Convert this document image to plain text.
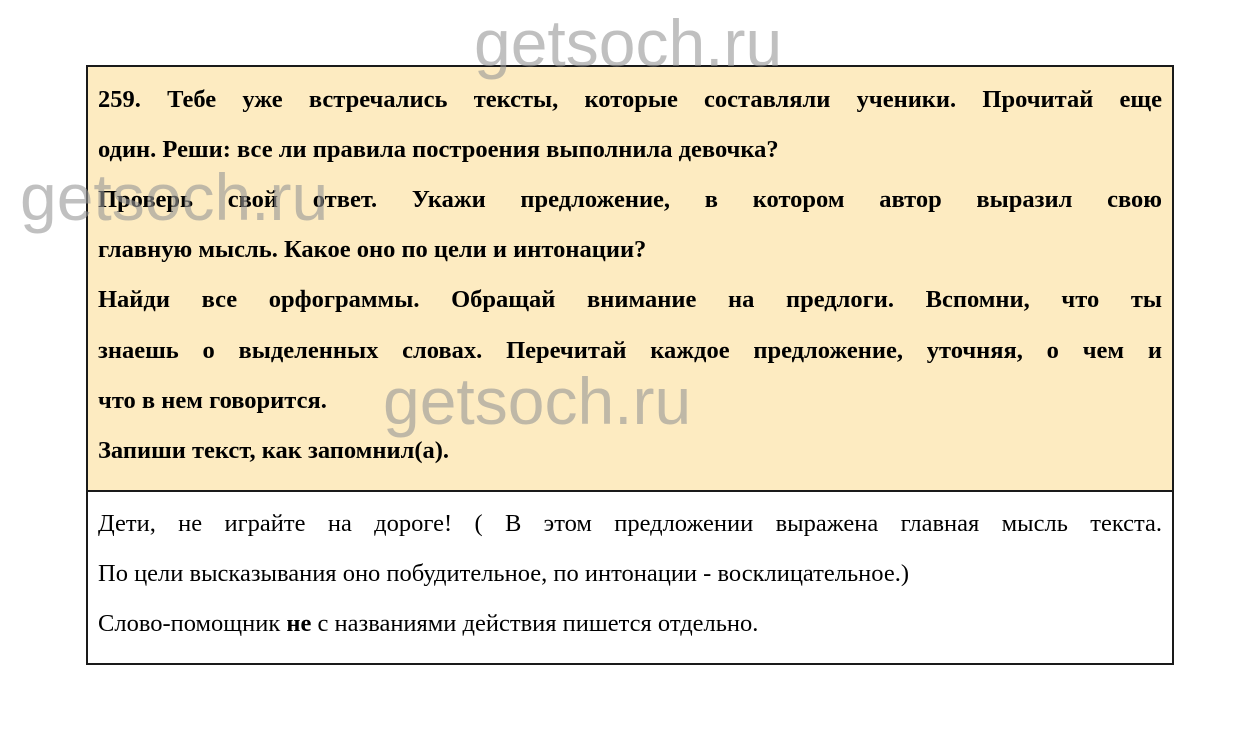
259. Тебе уже встречались тексты, которые составляли ученики. Прочитай еще
один. Реши: все ли правила построения выполнила девочка?
Проверь свой ответ. Укажи предложение, в котором автор выразил свою
главную мысль. Какое оно по цели и интонации?
Найди все орфограммы. Обращай внимание на предлоги. Вспомни, что ты
знаешь о выделенных словах. Перечитай каждое предложение, уточняя, о чем и
что в нем говорится.
Запиши текст, как запомнил(а).
Дети, не играйте на дороге! ( В этом предложении выражена главная мысль текста.
По цели высказывания оно побудительное, по интонации - восклицательное.)
Слово-помощник не с названиями действия пишется отдельно.
getsoch.ru
getsoch.ru
getsoch.ru
